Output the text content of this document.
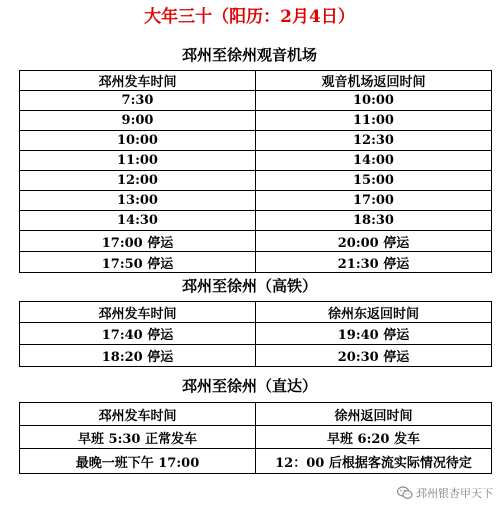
大年三十（阳历：2月4日）
邳州至徐州观音机场
邳州发车时间	观音机场返回时间
7:30	10:00
9:00	11:00
10:00	12:30
11:00	14:00
12:00	15:00
13:00	17:00
14:30	18:30
17:00 停运	20:00 停运
17:50 停运	21:30 停运
邳州至徐州（高铁）
邳州发车时间	徐州东返回时间
17:40 停运	19:40 停运
18:20 停运	20:30 停运
邳州至徐州（直达）
邳州发车时间	徐州返回时间
早班 5:30 正常发车	早班 6:20 发车
最晚一班下午 17:00	12：00 后根据客流实际情况待定
邳州银杏甲天下
